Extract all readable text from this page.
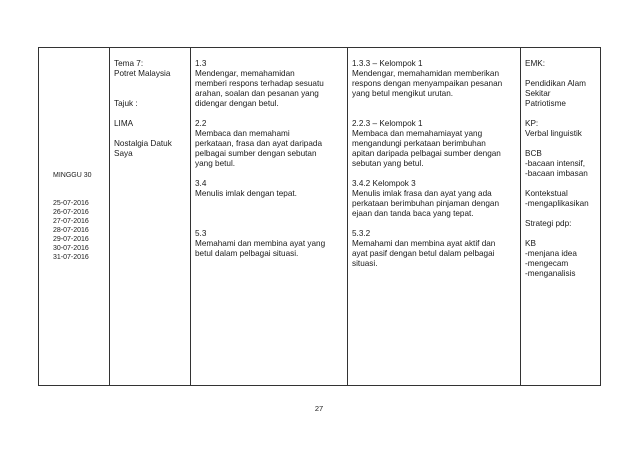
MINGGU 30
25-07-2016
26-07-2016
27-07-2016
28-07-2016
29-07-2016
30-07-2016
31-07-2016

Tema 7:
Potret Malaysia
Tajuk :
LIMA
Nostalgia Datuk
Saya

1.3
Mendengar, memahamidan
memberi respons terhadap sesuatu
arahan, soalan dan pesanan yang
didengar dengan betul.
2.2
Membaca dan memahami
perkataan, frasa dan ayat daripada
pelbagai sumber dengan sebutan
yang betul.
3.4
Menulis imlak dengan tepat.
5.3
Memahami dan membina ayat yang
betul dalam pelbagai situasi.

1.3.3 – Kelompok 1
Mendengar, memahamidan memberikan
respons dengan menyampaikan pesanan
yang betul mengikut urutan.
2.2.3 – Kelompok 1
Membaca dan memahamiayat yang
mengandungi perkataan berimbuhan
apitan daripada pelbagai sumber dengan
sebutan yang betul.
3.4.2 Kelompok 3
Menulis imlak frasa dan ayat yang ada
perkataan berimbuhan pinjaman dengan
ejaan dan tanda baca yang tepat.
5.3.2
Memahami dan membina ayat aktif dan
ayat pasif dengan betul dalam pelbagai
situasi.

EMK:
Pendidikan Alam
Sekitar
Patriotisme
KP:
Verbal linguistik
BCB
-bacaan intensif,
-bacaan imbasan
Kontekstual
-mengaplikasikan
Strategi pdp:
KB
-menjana idea
-mengecam
-menganalisis
27
